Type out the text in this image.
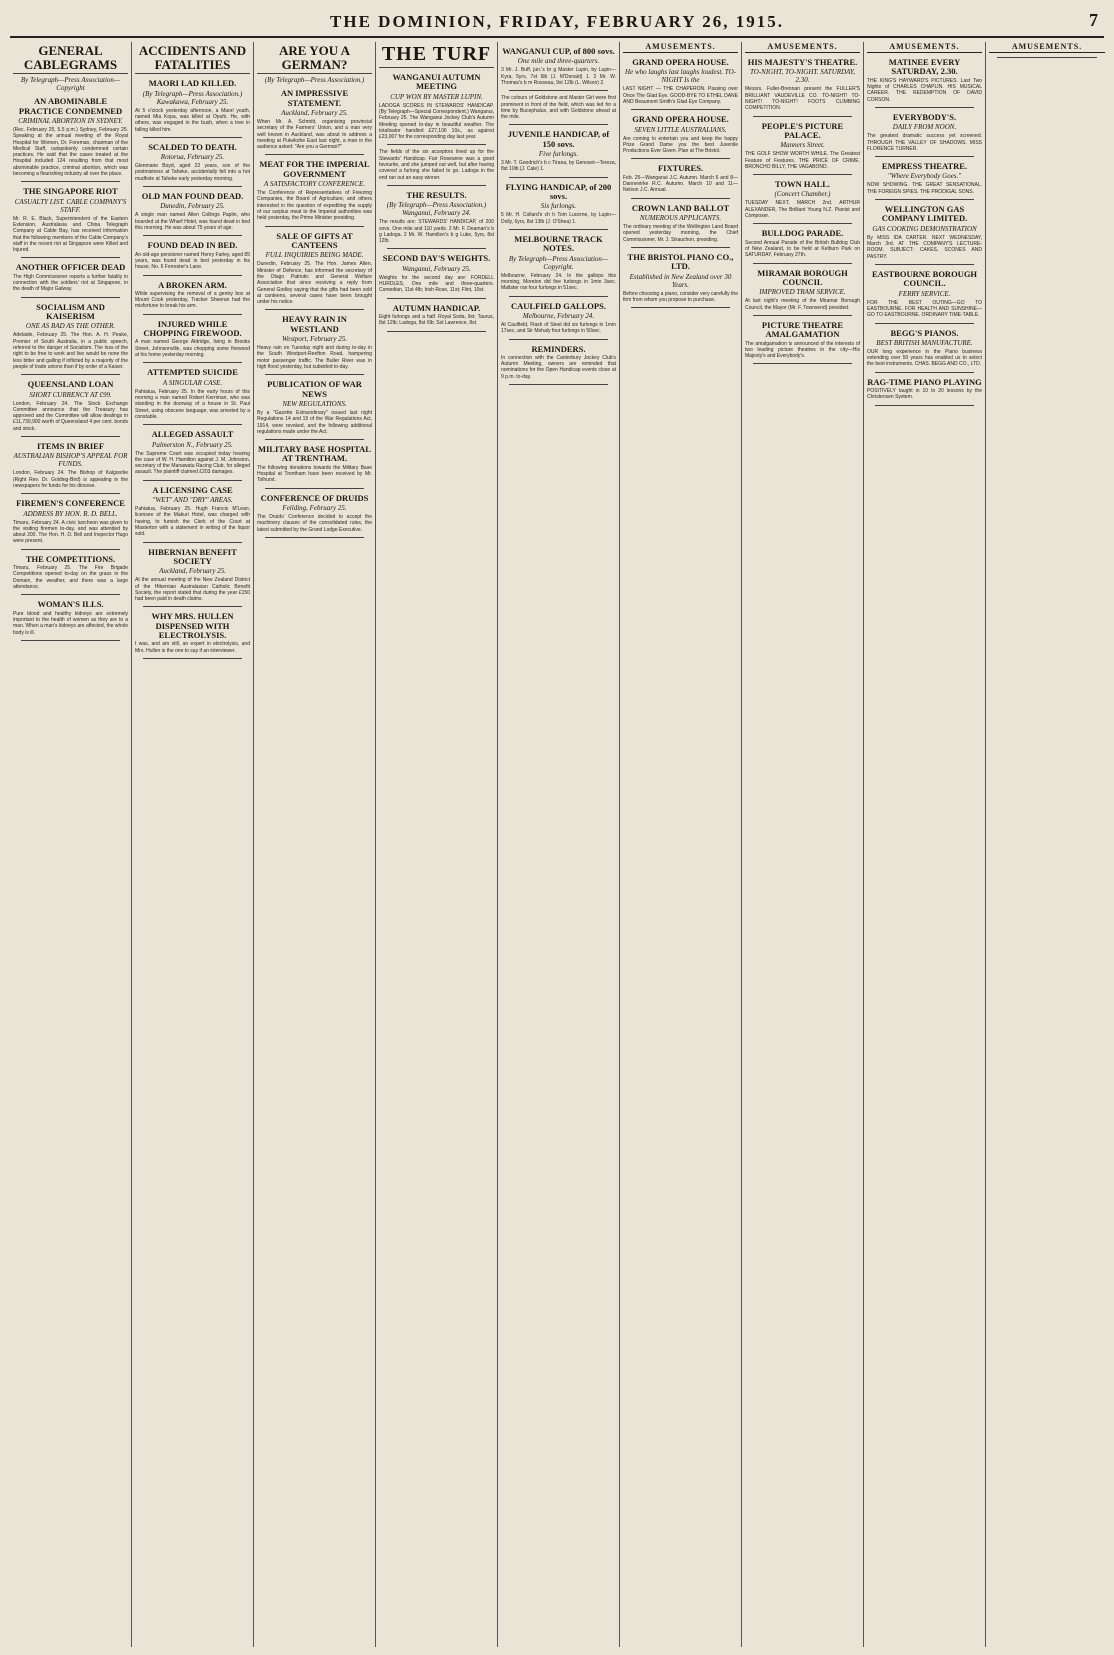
THE DOMINION, FRIDAY, FEBRUARY 26, 1915.	7
GENERAL CABLEGRAMS
By Telegraph—Press Association—Copyright
AN ABOMINABLE PRACTICE CONDEMNED
CRIMINAL ABORTION IN SYDNEY.

(Rec. February 25, 5.5 p.m.) Sydney, February 25. Speaking at the annual meeting of the Royal Hospital for Women, Dr. Foreman, chairman of the Medical Staff, outspokenly condemned certain practices. He said that the cases treated at the Hospital included 124 resulting from that most abominable practice, criminal abortion, which was becoming a flourishing industry all over the place.

THE SINGAPORE RIOT
CASUALTY LIST. CABLE COMPANY'S STAFF.

Mr. R. E. Black, Superintendent of the Eastern Extension, Australasia and China Telegraph Company at Cable Bay, has received information that the following members of the Cable Company's staff in the recent riot at Singapore were Killed and Injured.

ANOTHER OFFICER DEAD

The High Commissioner reports a further fatality in connection with the soldiers' riot at Singapore, in the death of Major Galway.

SOCIALISM AND KAISERISM
ONE AS BAD AS THE OTHER.

Adelaide, February 25. The Hon. A. H. Peake, Premier of South Australia, in a public speech, referred to the danger of Socialism. The loss of the right to be free to work and live would be none the less bitter and galling if inflicted by a majority of the people of trade unions than if by order of a Kaiser.

QUEENSLAND LOAN
SHORT CURRENCY AT £99.

London, February 24. The Stock Exchange Committee announce that the Treasury has approved and the Committee will allow dealings in £11,739,900 worth of Queensland 4 per cent. bonds and stock.

ITEMS IN BRIEF
AUSTRALIAN BISHOP'S APPEAL FOR FUNDS.

London, February 24. The Bishop of Kalgoorlie (Right Rev. Dr. Golding-Bird) is appealing in the newspapers for funds for his diocese.

FIREMEN'S CONFERENCE
ADDRESS BY HON. R. D. BELL.

Timaru, February 24. A civic luncheon was given to the visiting firemen to-day, and was attended by about 200. The Hon. H. D. Bell and Inspector Hugo were present.

THE COMPETITIONS.

Timaru, February 25. The Fire Brigade Competitions opened to-day on the grass in the Domain, the weather, and there was a large attendance.

WOMAN'S ILLS.

Pure blood and healthy kidneys are extremely important to the health of women as they are to a man. When a man's kidneys are affected, the whole body is ill.

ACCIDENTS AND FATALITIES
MAORI LAD KILLED.
(By Telegraph—Press Association.) Kawakawa, February 25.

At 5 o'clock yesterday afternoon, a Maori youth, named Mia Kopa, was killed at Opuhi. He, with others, was engaged in the bush, when a tree in falling killed him.

SCALDED TO DEATH.
Rotorua, February 25.

Glenmarie Boyd, aged 22 years, son of the postmistress at Taheke, accidentally fell into a hot mudhole at Taheke early yesterday morning.

OLD MAN FOUND DEAD.
Dunedin, February 25.

A single man named Allen Collings Paplin, who boarded at the Wharf Hotel, was found dead in bed this morning. He was about 75 years of age.

FOUND DEAD IN BED.

An old-age pensioner named Henry Farley, aged 85 years, was found dead in bed yesterday in his house, No. 6 Forrester's Lane.

A BROKEN ARM.

While supervising the removal of a gentry box at Mount Cook yesterday, Tracker Sheeran had the misfortune to break his arm.

INJURED WHILE CHOPPING FIREWOOD.

A man named George Aldridge, living in Brooks Street, Johnsonville, was chopping some firewood at his home yesterday morning.

ATTEMPTED SUICIDE
A SINGULAR CASE.

Pahiatua, February 25. In the early hours of this morning a man named Robert Kerriman, who was standing in the doorway of a house in St. Paul Street, using obscene language, was arrested by a constable.

ALLEGED ASSAULT
Palmerston N., February 25.

The Supreme Court was occupied today hearing the case of W. H. Hamilton against J. M. Johnston, secretary of the Manawatu Racing Club, for alleged assault. The plaintiff claimed £203 damages.

A LICENSING CASE
"WET" AND "DRY" AREAS.

Pahiatua, February 25. Hugh Francis M'Lean, licensee of the Makuri Hotel, was charged with having, to furnish the Clerk of the Court at Masterton with a statement in writing of the liquor sold.

HIBERNIAN BENEFIT SOCIETY
Auckland, February 25.

At the annual meeting of the New Zealand District of the Hibernian Australasian Catholic Benefit Society, the report stated that during the year £150 had been paid in death claims.

WHY MRS. HULLEN DISPENSED WITH ELECTROLYSIS.

I was, and am still, an expert in electrolysis, and Mrs. Hullen is the one to say if an interviewer.

ARE YOU A GERMAN?
(By Telegraph—Press Association.)
AN IMPRESSIVE STATEMENT.
Auckland, February 25.

When Mr. A. Schmitt, organising provincial secretary of the Farmers' Union, and a man very well known in Auckland, was about to address a meeting at Pukekohe East last night, a man in the audience asked: "Are you a German?"

MEAT FOR THE IMPERIAL GOVERNMENT
A SATISFACTORY CONFERENCE.

The Conference of Representatives of Freezing Companies, the Board of Agriculture, and others interested in the question of expediting the supply of our surplus meat to the Imperial authorities was held yesterday, the Prime Minister presiding.

SALE OF GIFTS AT CANTEENS
FULL INQUIRIES BEING MADE.

Dunedin, February 25. The Hon. James Allen, Minister of Defence, has informed the secretary of the Otago Patriotic and General Welfare Association that since receiving a reply from General Godley saying that the gifts had been sold at canteens, several cases have been brought under his notice.

HEAVY RAIN IN WESTLAND
Westport, February 25.

Heavy rain on Tuesday night and during to-day in the South Westport-Reefton Road, hampering motor passenger traffic. The Buller River was in high flood yesterday, but subsided to-day.

PUBLICATION OF WAR NEWS
NEW REGULATIONS.

By a "Gazette Extraordinary" issued last night Regulations 14 and 15 of the War Regulations Act, 1914, were revoked, and the following additional regulations made under the Act.

MILITARY BASE HOSPITAL AT TRENTHAM.

The following donations towards the Military Base Hospital at Trentham have been received by Mr. Tolhurst.

CONFERENCE OF DRUIDS
Feilding, February 25.

The Druids' Conference decided to accept the machinery clauses of the consolidated rules, the latest submitted by the Grand Lodge Executive.

THE TURF
WANGANUI AUTUMN MEETING
CUP WON BY MASTER LUPIN.

LADOGA SCORES IN STEWARDS' HANDICAP. (By Telegraph—Special Correspondent.) Wanganui, February 25. The Wanganui Jockey Club's Autumn Meeting opened to-day in beautiful weather. The totalisator handled £27,106 10s., as against £23,007 for the corresponding day last year.

The fields of the six acceptors lined up for the Stewards' Handicap. Fair Roseanne was a good favourite, and she jumped out well, but after having covered a furlong she failed to go. Ladoga in the end ran out an easy winner.

THE RESULTS.
(By Telegraph—Press Association.) Wanganui, February 24.

The results are: STEWARDS' HANDICAP, of 200 sovs. One mile and 110 yards. 2 Mr. F. Deaman's b g Ladoga. 2 Mr. W. Hamilton's b g Luke, 5yrs, 8st 12lb.

SECOND DAY'S WEIGHTS.
Wanganui, February 25.

Weights for the second day are: FORDELL HURDLES, One mile and three-quarters. Comedian, 11st 4lb; Irish Rose, 11st; Flint, 10st.

AUTUMN HANDICAP.

Eight furlongs and a half. Royal Soda, 9st; Taurus, 8st 12lb; Ladoga, 8st 6lb; Sol Lawrence, 8st.

WANGANUI CUP, of 800 sovs.
One mile and three-quarters.

3 Mr. J. Buff, jun.'s br g Master Lupin, by Lupin—Kyra, 5yrs, 7st 6lb (J. M'Donald) 1. 2 Mr. W. Thomas's b m Rosseau, 9st 12lb (L. Wilson) 2.

The colours of Goldstone and Master Girl were first prominent in front of the field, which was led for a time by Bucephalus, and with Goldstone ahead at the mile.

JUVENILE HANDICAP, of 150 sovs.
Five furlongs.

3 Mr. T. Goodrich's b c Tirana, by Genoset—Tereza, 8st 10lb (J. Cale) 1.

FLYING HANDICAP, of 200 sovs.
Six furlongs.

5 Mr. H. Collard's ch h Tom Lucerne, by Lupin—Dolly, 6yrs, 8st 13lb (J. O'Shea) 1.

MELBOURNE TRACK NOTES.
By Telegraph—Press Association—Copyright.

Melbourne, February 24. In the gallops this morning, Moreton did five furlongs in 1min 3sec. Maltster ran four furlongs in 51sec.

CAULFIELD GALLOPS.
Melbourne, February 24.

At Caulfield, Flash of Steel did six furlongs in 1min 17sec, and Sir Mohaly four furlongs in 50sec.

REMINDERS.

In connection with the Canterbury Jockey Club's Autumn Meeting, owners are reminded that nominations for the Open Handicap events close at 9 p.m. to-day.

AMUSEMENTS.
GRAND OPERA HOUSE.
He who laughs last laughs loudest. TO-NIGHT Is the

LAST NIGHT — THE CHAPERON. Passing over Once The Glad Eye. GOOD-BYE TO ETHEL DANE AND Beaumont Smith's Glad Eye Company.

GRAND OPERA HOUSE.
SEVEN LITTLE AUSTRALIANS.

Are coming to entertain you and keep the happy Prize Grand Dame you the best Juvenile Productions Ever Given. Plan at The Bristol.

FIXTURES.

Feb. 25—Wanganui J.C. Autumn. March 6 and 8—Dannevirke R.C. Autumn. March 10 and 11—Nelson J.C. Annual.

CROWN LAND BALLOT
NUMEROUS APPLICANTS.

The ordinary meeting of the Wellington Land Board opened yesterday morning, the Chief Commissioner, Mr. J. Strauchon, presiding.

THE BRISTOL PIANO CO., LTD.
Established in New Zealand over 30 Years.

Before choosing a piano, consider very carefully the firm from whom you propose to purchase.

AMUSEMENTS.
HIS MAJESTY'S THEATRE.
TO-NIGHT, TO-NIGHT. SATURDAY, 2.30.

Messrs. Fuller-Brennan present the FULLER'S BRILLIANT VAUDEVILLE CO. TO-NIGHT! TO-NIGHT! TO-NIGHT! FOOTS CLIMBING COMPETITION.

PEOPLE'S PICTURE PALACE.
Manners Street.

THE GOLF SHOW WORTH WHILE. The Greatest Feature of Features. THE PRICE OF CRIME. BRONCHO BILLY, THE VAGABOND.

TOWN HALL.
(Concert Chamber.)

TUESDAY NEXT, MARCH 2nd. ARTHUR ALEXANDER, The Brilliant Young N.Z. Pianist and Composer.

BULLDOG PARADE.

Second Annual Parade of the British Bulldog Club of New Zealand, to be held at Kelburn Park on SATURDAY, February 27th.

MIRAMAR BOROUGH COUNCIL
IMPROVED TRAM SERVICE.

At last night's meeting of the Miramar Borough Council, the Mayor (Mr. F. Townsend) presided.

PICTURE THEATRE AMALGAMATION

The amalgamation is announced of the interests of two leading picture theatres in the city—His Majesty's and Everybody's.

AMUSEMENTS.
MATINEE EVERY SATURDAY, 2.30.

THE KING'S HAYWARD'S PICTURES. Last Two Nights of CHARLES CHAPLIN. HIS MUSICAL CAREER. THE REDEMPTION OF DAVID CORSON.

EVERYBODY'S.
DAILY FROM NOON.

The greatest dramatic success yet screened. THROUGH THE VALLEY OF SHADOWS. MISS FLORENCE TURNER.

EMPRESS THEATRE.
"Where Everybody Goes."

NOW SHOWING. THE GREAT SENSATIONAL. THE FOREIGN SPIES. THE PRODIGAL SONS.

WELLINGTON GAS COMPANY LIMITED.
GAS COOKING DEMONSTRATION

By MISS IDA CARTER. NEXT WEDNESDAY, March 3rd. AT THE COMPANY'S LECTURE-ROOM. SUBJECT: CAKES, SCONES AND PASTRY.

EASTBOURNE BOROUGH COUNCIL.
FERRY SERVICE.

FOR THE BEST OUTING—GO TO EASTBOURNE. FOR HEALTH AND SUNSHINE—GO TO EASTBOURNE. ORDINARY TIME-TABLE.

BEGG'S PIANOS.
BEST BRITISH MANUFACTURE.

OUR long experience in the Piano business extending over 50 years has enabled us to select the best instruments. CHAS. BEGG AND CO., LTD.

RAG-TIME PIANO PLAYING

POSITIVELY taught in 10 to 20 lessons by the Christensen System.

AMUSEMENTS.
